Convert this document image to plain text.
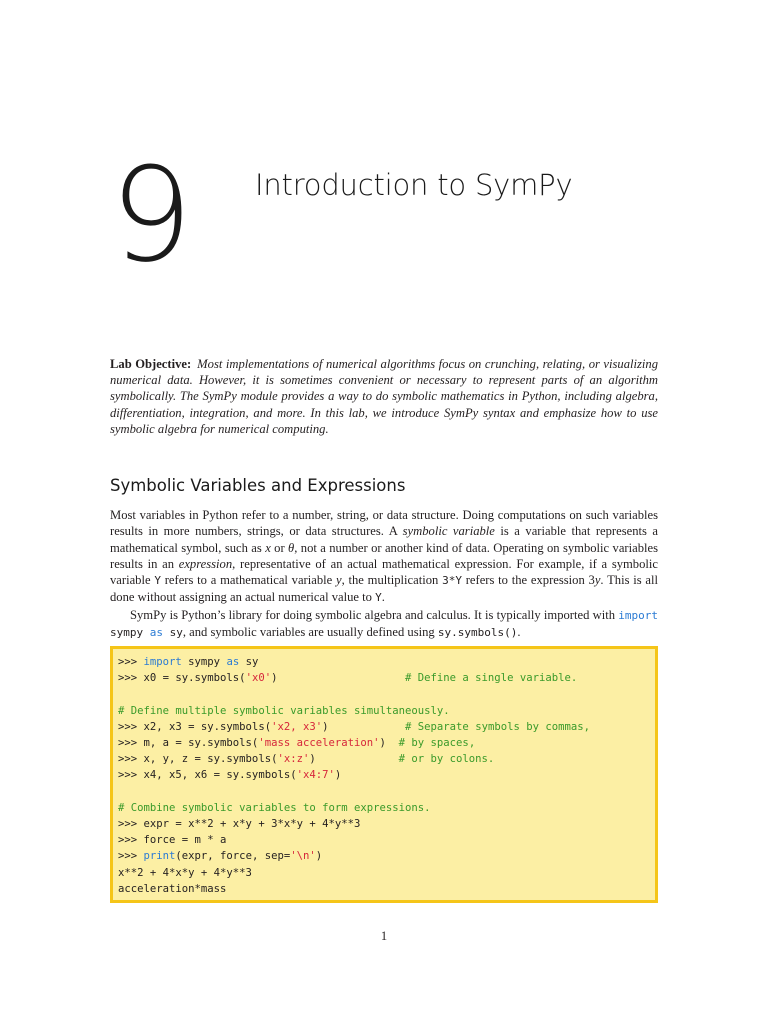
9 Introduction to SymPy
Lab Objective: Most implementations of numerical algorithms focus on crunching, relating, or visualizing numerical data. However, it is sometimes convenient or necessary to represent parts of an algorithm symbolically. The SymPy module provides a way to do symbolic mathematics in Python, including algebra, differentiation, integration, and more. In this lab, we introduce SymPy syntax and emphasize how to use symbolic algebra for numerical computing.
Symbolic Variables and Expressions

Most variables in Python refer to a number, string, or data structure. Doing computations on such variables results in more numbers, strings, or data structures. A symbolic variable is a variable that represents a mathematical symbol, such as x or θ, not a number or another kind of data. Operating on symbolic variables results in an expression, representative of an actual mathematical expression. For example, if a symbolic variable Y refers to a mathematical variable y, the multiplication 3*Y refers to the expression 3y. This is all done without assigning an actual numerical value to Y.

SymPy is Python’s library for doing symbolic algebra and calculus. It is typically imported with import sympy as sy, and symbolic variables are usually defined using sy.symbols().

>>> import sympy as sy
>>> x0 = sy.symbols('x0')                    # Define a single variable.

# Define multiple symbolic variables simultaneously.
>>> x2, x3 = sy.symbols('x2, x3')            # Separate symbols by commas,
>>> m, a = sy.symbols('mass acceleration')  # by spaces,
>>> x, y, z = sy.symbols('x:z')             # or by colons.
>>> x4, x5, x6 = sy.symbols('x4:7')

# Combine symbolic variables to form expressions.
>>> expr = x**2 + x*y + 3*x*y + 4*y**3
>>> force = m * a
>>> print(expr, force, sep='\n')
x**2 + 4*x*y + 4*y**3
acceleration*mass
1
